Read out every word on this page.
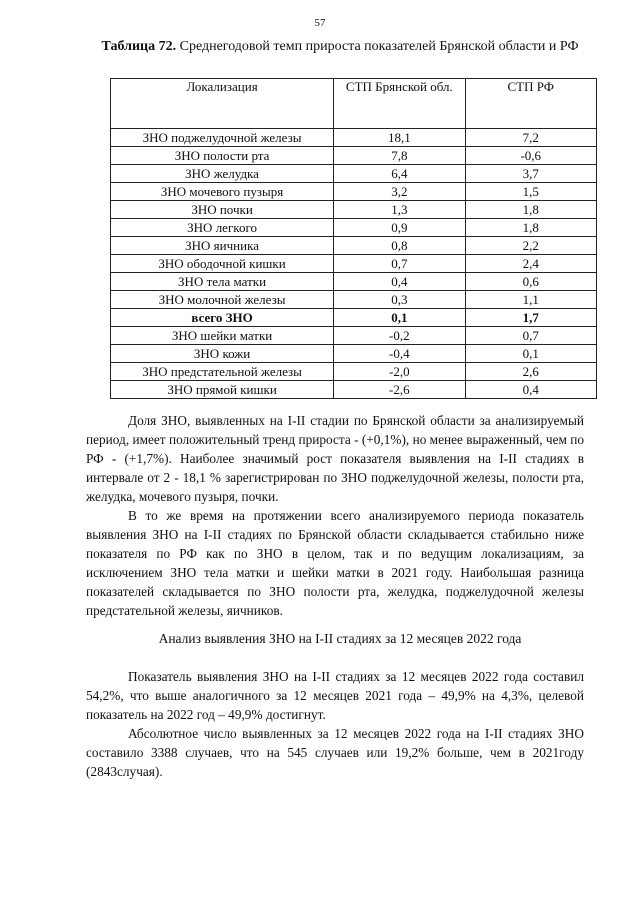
57
Таблица 72. Среднегодовой темп прироста показателей Брянской области и РФ
Локализация	СТП Брянской обл.	СТП РФ
ЗНО поджелудочной железы	18,1	7,2
ЗНО полости рта	7,8	-0,6
ЗНО желудка	6,4	3,7
ЗНО мочевого пузыря	3,2	1,5
ЗНО почки	1,3	1,8
ЗНО легкого	0,9	1,8
ЗНО яичника	0,8	2,2
ЗНО ободочной кишки	0,7	2,4
ЗНО тела матки	0,4	0,6
ЗНО молочной железы	0,3	1,1
всего ЗНО	0,1	1,7
ЗНО шейки матки	-0,2	0,7
ЗНО кожи	-0,4	0,1
ЗНО предстательной железы	-2,0	2,6
ЗНО прямой кишки	-2,6	0,4

Доля ЗНО, выявленных на I-II стадии по Брянской области за анализируемый период, имеет положительный тренд прироста - (+0,1%), но менее выраженный, чем по РФ - (+1,7%). Наиболее значимый рост показателя выявления на I-II стадиях в интервале от 2 - 18,1 % зарегистрирован по ЗНО поджелудочной железы, полости рта, желудка, мочевого пузыря, почки.

В то же время на протяжении всего анализируемого периода показатель выявления ЗНО на I-II стадиях по Брянской области складывается стабильно ниже показателя по РФ как по ЗНО в целом, так и по ведущим локализациям, за исключением ЗНО тела матки и шейки матки в 2021 году. Наибольшая разница показателей складывается по ЗНО полости рта, желудка, поджелудочной железы предстательной железы, яичников.

Анализ выявления ЗНО на I-II стадиях за 12 месяцев 2022 года

Показатель выявления ЗНО на I-II стадиях за 12 месяцев 2022 года составил 54,2%, что выше аналогичного за 12 месяцев 2021 года – 49,9% на 4,3%, целевой показатель на 2022 год – 49,9% достигнут.

Абсолютное число выявленных за 12 месяцев 2022 года на I-II стадиях ЗНО составило 3388 случаев, что на 545 случаев или 19,2% больше, чем в 2021году (2843случая).
